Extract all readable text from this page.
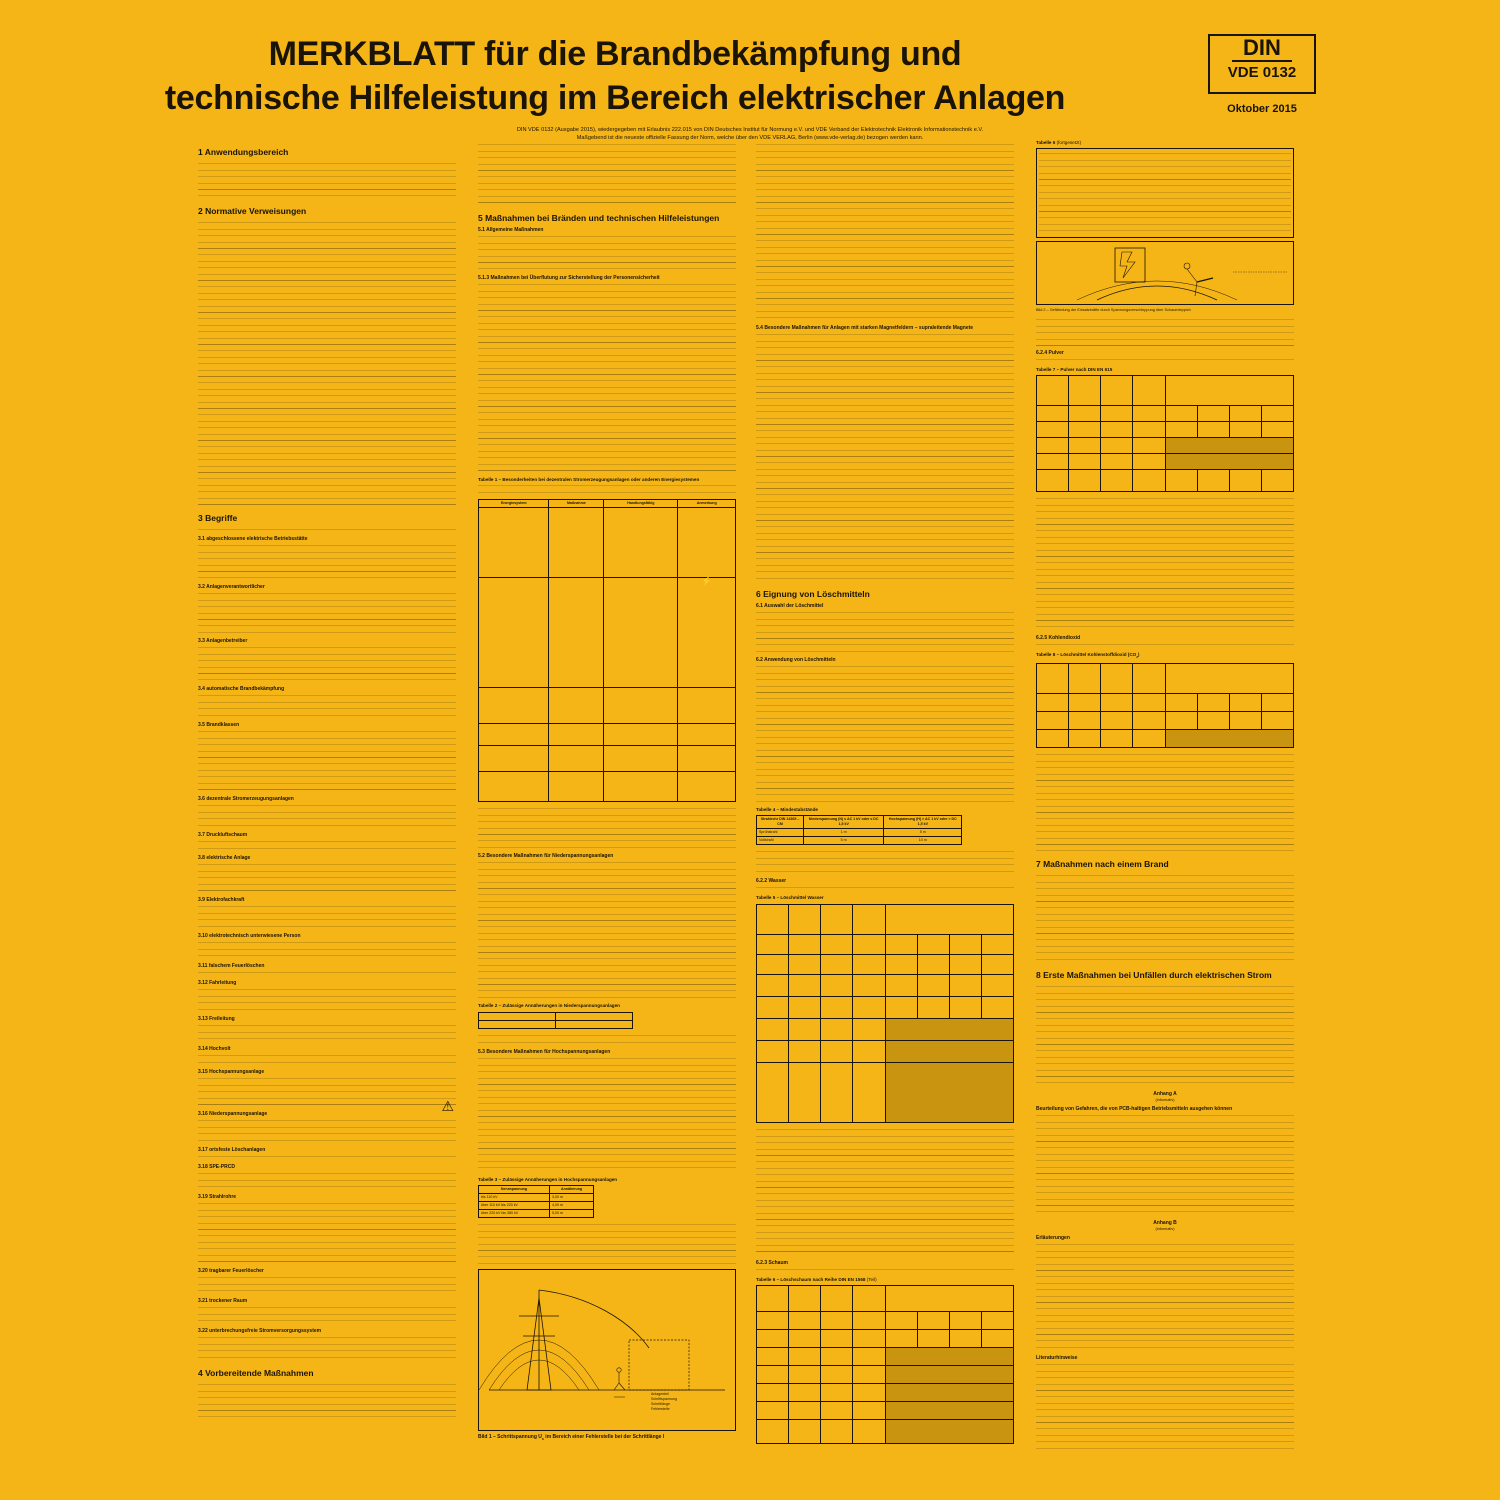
MERKBLATT für die Brandbekämpfung und
technische Hilfeleistung im Bereich elektrischer Anlagen
DIN
VDE 0132
Oktober 2015
DIN VDE 0132 (Ausgabe 2015), wiedergegeben mit Erlaubnis 222.015 von DIN Deutsches Institut für Normung e.V. und VDE Verband der Elektrotechnik Elektronik Informationstechnik e.V.
Maßgebend ist die neueste offizielle Fassung der Norm, welche über den VDE VERLAG, Berlin (www.vde-verlag.de) bezogen werden kann.
1 Anwendungsbereich
2 Normative Verweisungen
3 Begriffe
3.1 abgeschlossene elektrische Betriebsstätte
3.2 Anlagenverantwortlicher
3.3 Anlagenbetreiber
3.4 automatische Brandbekämpfung
3.5 Brandklassen
3.6 dezentrale Stromerzeugungsanlagen
3.7 Druckluftschaum
3.8 elektrische Anlage
3.9 Elektrofachkraft
3.10 elektrotechnisch unterwiesene Person
3.11 falschem Feuerlöschen
3.12 Fahrleitung
3.13 Freileitung
3.14 Hochvolt
3.15 Hochspannungsanlage
3.16 Niederspannungsanlage	⚠
3.17 ortsfeste Löschanlagen
3.18 SPE-PRCD
3.19 Strahlrohre
3.20 tragbarer Feuerlöscher
3.21 trockener Raum
3.22 unterbrechungsfreie Stromversorgungssystem
4 Vorbereitende Maßnahmen
5 Maßnahmen bei Bränden und technischen Hilfeleistungen
5.1 Allgemeine Maßnahmen
5.1.3 Maßnahmen bei Überflutung zur Sicherstellung der Personensicherheit
Tabelle 1 – Besonderheiten bei dezentralen Stromerzeugungsanlagen oder anderen Energiesystemen
Energiesystem	Maßnahme	Handlungsfähig	Anmerkung

			⚡

5.2 Besondere Maßnahmen für Niederspannungsanlagen
Tabelle 2 – Zulässige Annäherungen in Niederspannungsanlagen

5.3 Besondere Maßnahmen für Hochspannungsanlagen
Tabelle 3 – Zulässige Annäherungen in Hochspannungsanlagen
Nennspannung	Annäherung
bis 110 kV	3,00 m
über 110 kV bis 220 kV	4,00 m
über 220 kV bis 380 kV	5,00 m
Anlagenteil
Schrittspannung
Schrittlänge
Fehlerstelle
Bild 1 – Schrittspannung $U_S$ im Bereich einer Fehlerstelle bei der Schrittlänge l
5.4 Besondere Maßnahmen für Anlagen mit starken Magnetfeldern – supraleitende Magnete
6 Eignung von Löschmitteln
6.1 Auswahl der Löschmittel
6.2 Anwendung von Löschmitteln
Tabelle 4 – Mindestabstände
Strahlrohr DIN 14365 – CM	Niederspannung (N) ≤ AC 1 kV oder ≤ DC 1,5 kV	Hochspannung (H) > AC 1 kV oder > DC 1,5 kV
Sprühstrahl	1 m	5 m
Vollstrahl	5 m	10 m
6.2.2 Wasser
Tabelle 5 – Löschmittel Wasser

6.2.3 Schaum
Tabelle 6 – Löschschaum nach Reihe DIN EN 1568 (Teil)

Tabelle 6 (fortgesetzt)
Bild 2 – Gefährdung der Einsatzkräfte durch Spannungsverschleppung über Schaumteppich
6.2.4 Pulver
Tabelle 7 – Pulver nach DIN EN 615

6.2.5 Kohlendioxid
Tabelle 8 – Löschmittel Kohlenstoffdioxid $(CO_2)$

7 Maßnahmen nach einem Brand
8 Erste Maßnahmen bei Unfällen durch elektrischen Strom
Anhang A
(informativ)
Beurteilung von Gefahren, die von PCB-haltigen Betriebsmitteln ausgehen können
Anhang B
(informativ)
Erläuterungen
Literaturhinweise
